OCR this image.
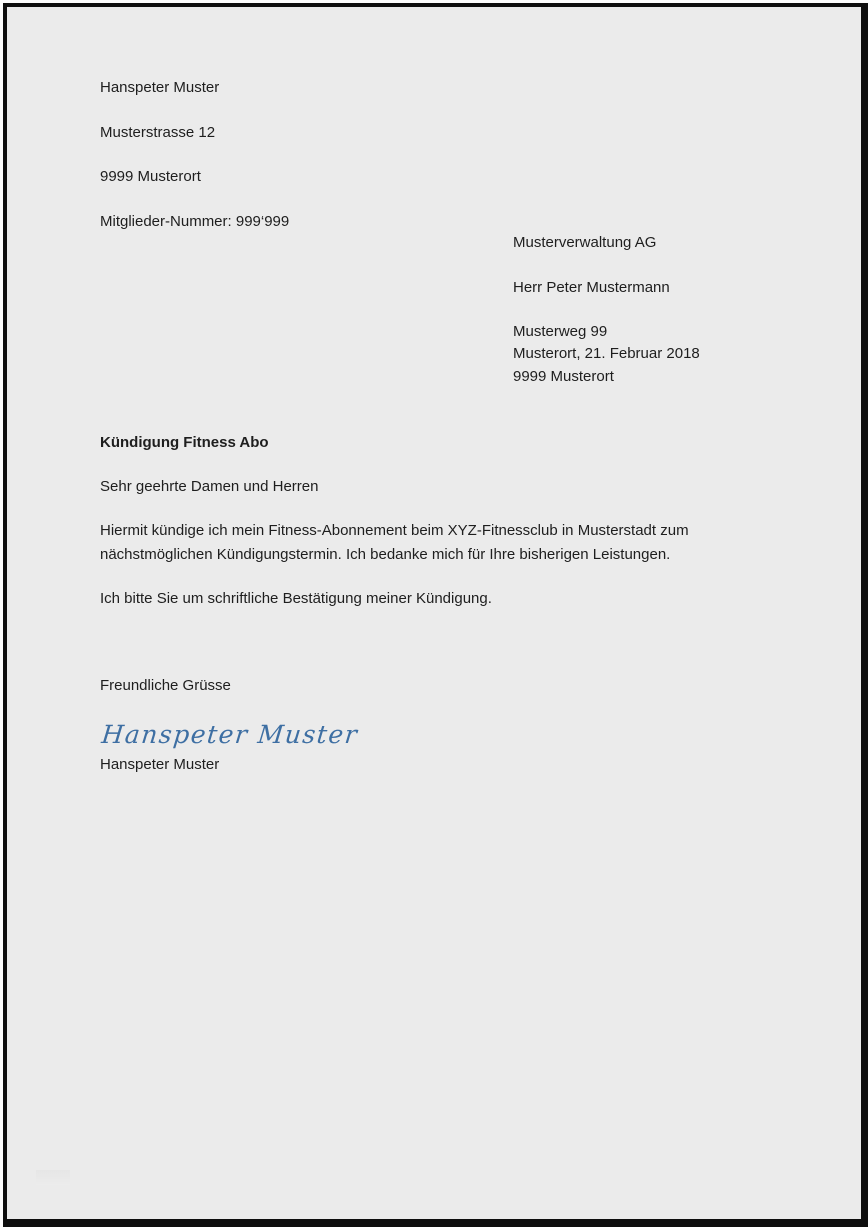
Hanspeter Muster

Musterstrasse 12

9999 Musterort

Mitglieder-Nummer: 999‘999

Musterverwaltung AG

Herr Peter Mustermann

Musterweg 99

9999 Musterort

Musterort, 21. Februar 2018
Kündigung Fitness Abo
Sehr geehrte Damen und Herren
Hiermit kündige ich mein Fitness-Abonnement beim XYZ-Fitnessclub in Musterstadt zum nächstmöglichen Kündigungstermin. Ich bedanke mich für Ihre bisherigen Leistungen.
Ich bitte Sie um schriftliche Bestätigung meiner Kündigung.
Freundliche Grüsse
Hanspeter Muster
Hanspeter Muster
